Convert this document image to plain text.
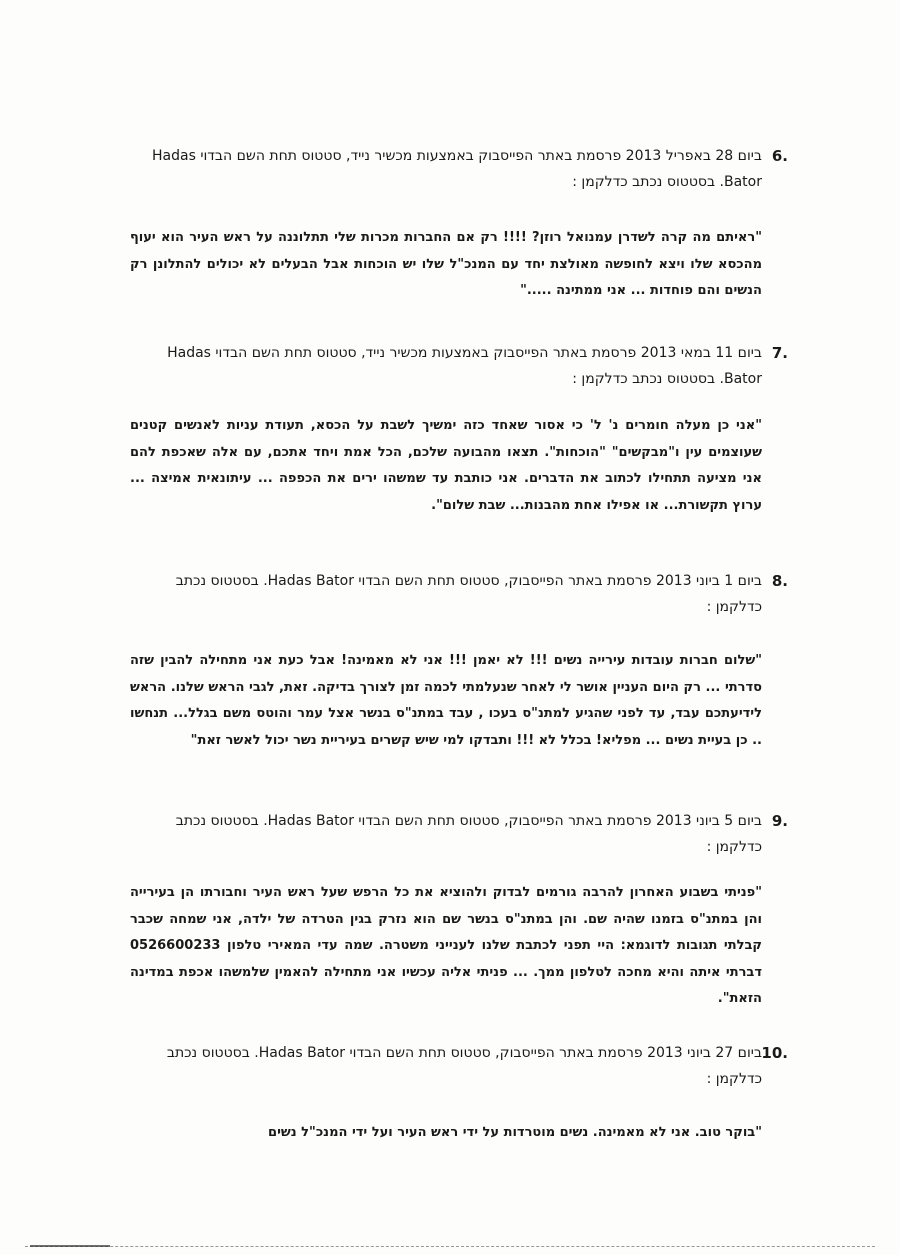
6.
ביום 28 באפריל 2013 פרסמת באתר הפייסבוק באמצעות מכשיר נייד, סטטוס תחת השם הבדוי Hadas Bator. בסטטוס נכתב כדלקמן :
"ראיתם מה קרה לשדרן עמנואל רוזן? !!!! רק אם החברות מכרות שלי תתלוננה על ראש העיר הוא יעוף מהכסא שלו ויצא לחופשה מאולצת יחד עם המנכ"ל שלו יש הוכחות אבל הבעלים לא יכולים להתלונן רק הנשים והם פוחדות ... אני ממתינה ....."
7.
ביום 11 במאי 2013 פרסמת באתר הפייסבוק באמצעות מכשיר נייד, סטטוס תחת השם הבדוי Hadas Bator. בסטטוס נכתב כדלקמן :
"אני כן מעלה חומרים נ' ל' כי אסור שאחד כזה ימשיך לשבת על הכסא, תעודת עניות לאנשים קטנים שעוצמים עין ו"מבקשים" "הוכחות". תצאו מהבועה שלכם, הכל אמת ויחד אתכם, עם אלה שאכפת להם אני מציעה תתחילו לכתוב את הדברים. אני כותבת עד שמשהו ירים את הכפפה ... עיתונאית אמיצה ... ערוץ תקשורת... או אפילו אחת מהבנות... שבת שלום".
8.
ביום 1 ביוני 2013 פרסמת באתר הפייסבוק, סטטוס תחת השם הבדוי Hadas Bator. בסטטוס נכתב כדלקמן :
"שלום חברות עובדות עירייה נשים !!! לא יאמן !!! אני לא מאמינה! אבל כעת אני מתחילה להבין שזה סדרתי ... רק היום העניין אושר לי לאחר שנעלמתי לכמה זמן לצורך בדיקה. זאת, לגבי הראש שלנו. הראש לידיעתכם עבד, עד לפני שהגיע למתנ"ס בעכו , עבד במתנ"ס בנשר אצל עמר והוטס משם בגלל... תנחשו .. כן בעיית נשים ... מפליא! בכלל לא !!! ותבדקו למי שיש קשרים בעיריית נשר יכול לאשר זאת"
9.
ביום 5 ביוני 2013 פרסמת באתר הפייסבוק, סטטוס תחת השם הבדוי Hadas Bator. בסטטוס נכתב כדלקמן :
"פניתי בשבוע האחרון להרבה גורמים לבדוק ולהוציא את כל הרפש שעל ראש העיר וחבורתו הן בעירייה והן במתנ"ס בזמנו שהיה שם. והן במתנ"ס בנשר שם הוא נזרק בגין הטרדה של ילדה, אני שמחה שכבר קבלתי תגובות לדוגמא: היי תפני לכתבת שלנו לענייני משטרה. שמה עדי המאירי טלפון 0526600233 דברתי איתה והיא מחכה לטלפון ממך. ... פניתי אליה עכשיו אני מתחילה להאמין שלמשהו אכפת במדינה הזאת".
10.
ביום 27 ביוני 2013 פרסמת באתר הפייסבוק, סטטוס תחת השם הבדוי Hadas Bator. בסטטוס נכתב כדלקמן :
"בוקר טוב. אני לא מאמינה. נשים מוטרדות על ידי ראש העיר ועל ידי המנכ"ל נשים
